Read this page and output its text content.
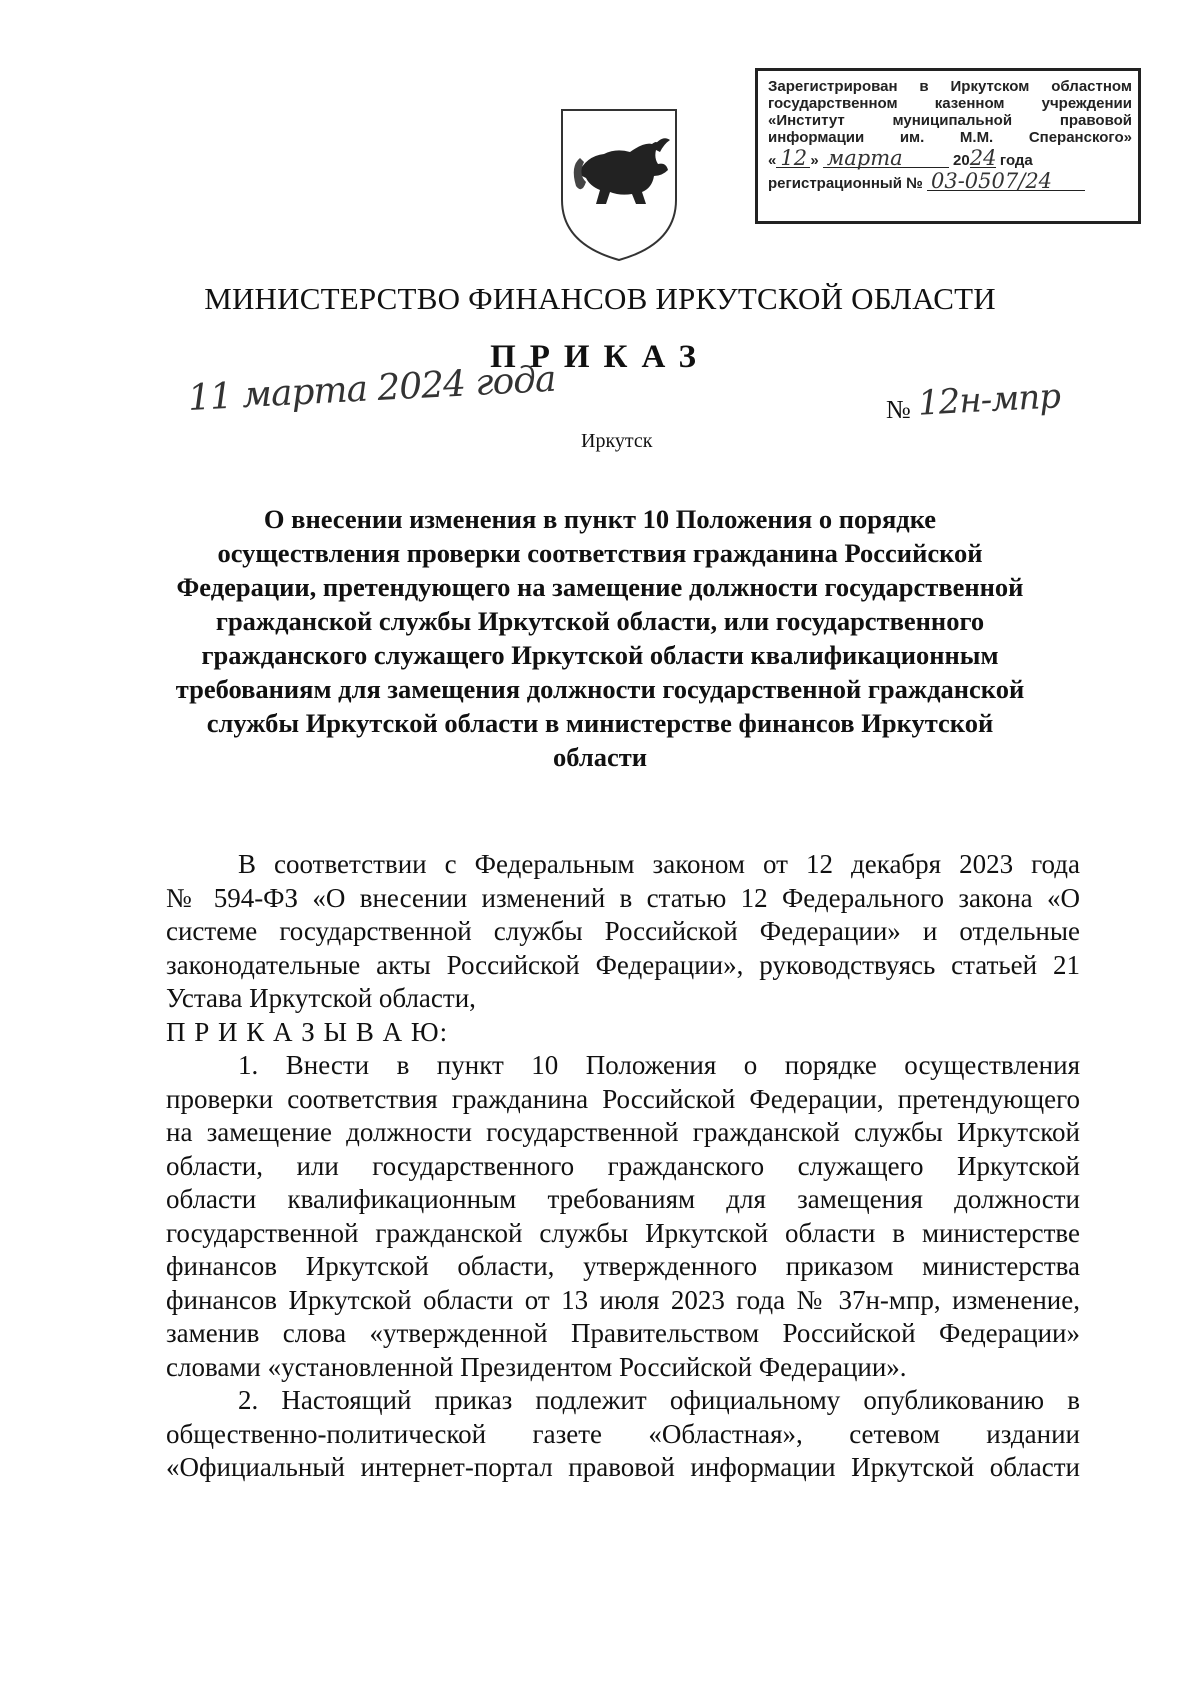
Зарегистрирован в Иркутском областном
государственном казенном учреждении
«Институт муниципальной правовой
информации им. М.М. Сперанского»
« 12 » марта	2024 года
регистрационный № 03-0507/24
МИНИСТЕРСТВО ФИНАНСОВ ИРКУТСКОЙ ОБЛАСТИ
ПРИКАЗ
11 марта 2024 года	№ 12н-мпр
Иркутск
О внесении изменения в пункт 10 Положения о порядке
осуществления проверки соответствия гражданина Российской
Федерации, претендующего на замещение должности государственной
гражданской службы Иркутской области, или государственного
гражданского служащего Иркутской области квалификационным
требованиям для замещения должности государственной гражданской
службы Иркутской области в министерстве финансов Иркутской
области
В соответствии с Федеральным законом от 12 декабря 2023 года
№ 594-ФЗ «О внесении изменений в статью 12 Федерального закона «О
системе государственной службы Российской Федерации» и отдельные
законодательные акты Российской Федерации», руководствуясь статьей 21
Устава Иркутской области,
П Р И К А З Ы В А Ю:
1. Внести в пункт 10 Положения о порядке осуществления
проверки соответствия гражданина Российской Федерации, претендующего
на замещение должности государственной гражданской службы Иркутской
области, или государственного гражданского служащего Иркутской
области квалификационным требованиям для замещения должности
государственной гражданской службы Иркутской области в министерстве
финансов Иркутской области, утвержденного приказом министерства
финансов Иркутской области от 13 июля 2023 года № 37н-мпр, изменение,
заменив слова «утвержденной Правительством Российской Федерации»
словами «установленной Президентом Российской Федерации».
2. Настоящий приказ подлежит официальному опубликованию в
общественно-политической газете «Областная», сетевом издании
«Официальный интернет-портал правовой информации Иркутской области
